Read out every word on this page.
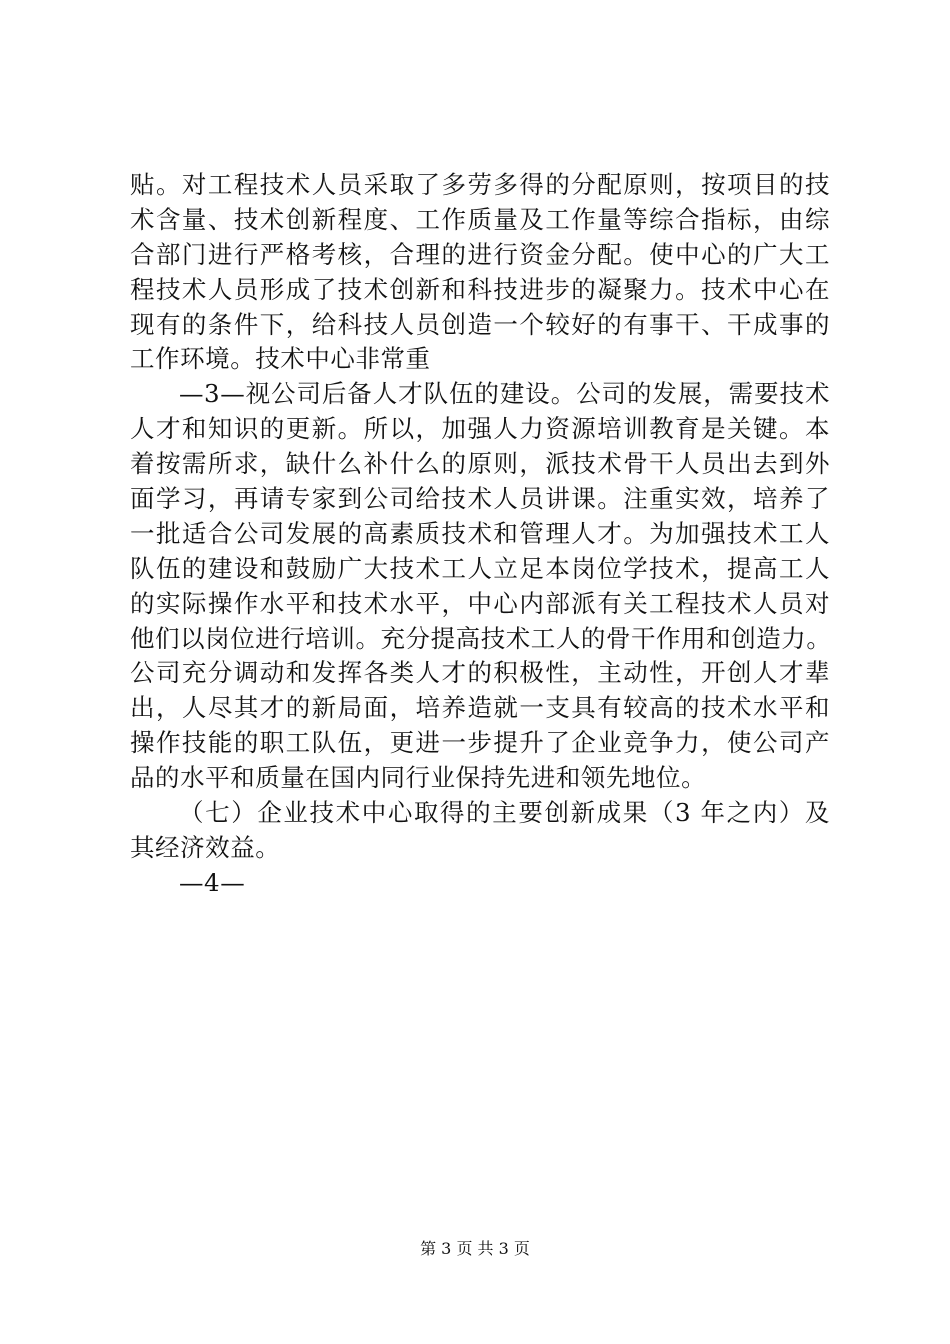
贴。对工程技术人员采取了多劳多得的分配原则，按项目的技
术含量、技术创新程度、工作质量及工作量等综合指标，由综
合部门进行严格考核，合理的进行资金分配。使中心的广大工
程技术人员形成了技术创新和科技进步的凝聚力。技术中心在
现有的条件下，给科技人员创造一个较好的有事干、干成事的
工作环境。技术中心非常重
—3—视公司后备人才队伍的建设。公司的发展，需要技术
人才和知识的更新。所以，加强人力资源培训教育是关键。本
着按需所求，缺什么补什么的原则，派技术骨干人员出去到外
面学习，再请专家到公司给技术人员讲课。注重实效，培养了
一批适合公司发展的高素质技术和管理人才。为加强技术工人
队伍的建设和鼓励广大技术工人立足本岗位学技术，提高工人
的实际操作水平和技术水平，中心内部派有关工程技术人员对
他们以岗位进行培训。充分提高技术工人的骨干作用和创造力。
公司充分调动和发挥各类人才的积极性，主动性，开创人才辈
出，人尽其才的新局面，培养造就一支具有较高的技术水平和
操作技能的职工队伍，更进一步提升了企业竞争力，使公司产
品的水平和质量在国内同行业保持先进和领先地位。
（七）企业技术中心取得的主要创新成果（3 年之内）及
其经济效益。
—4—
第 3 页 共 3 页
